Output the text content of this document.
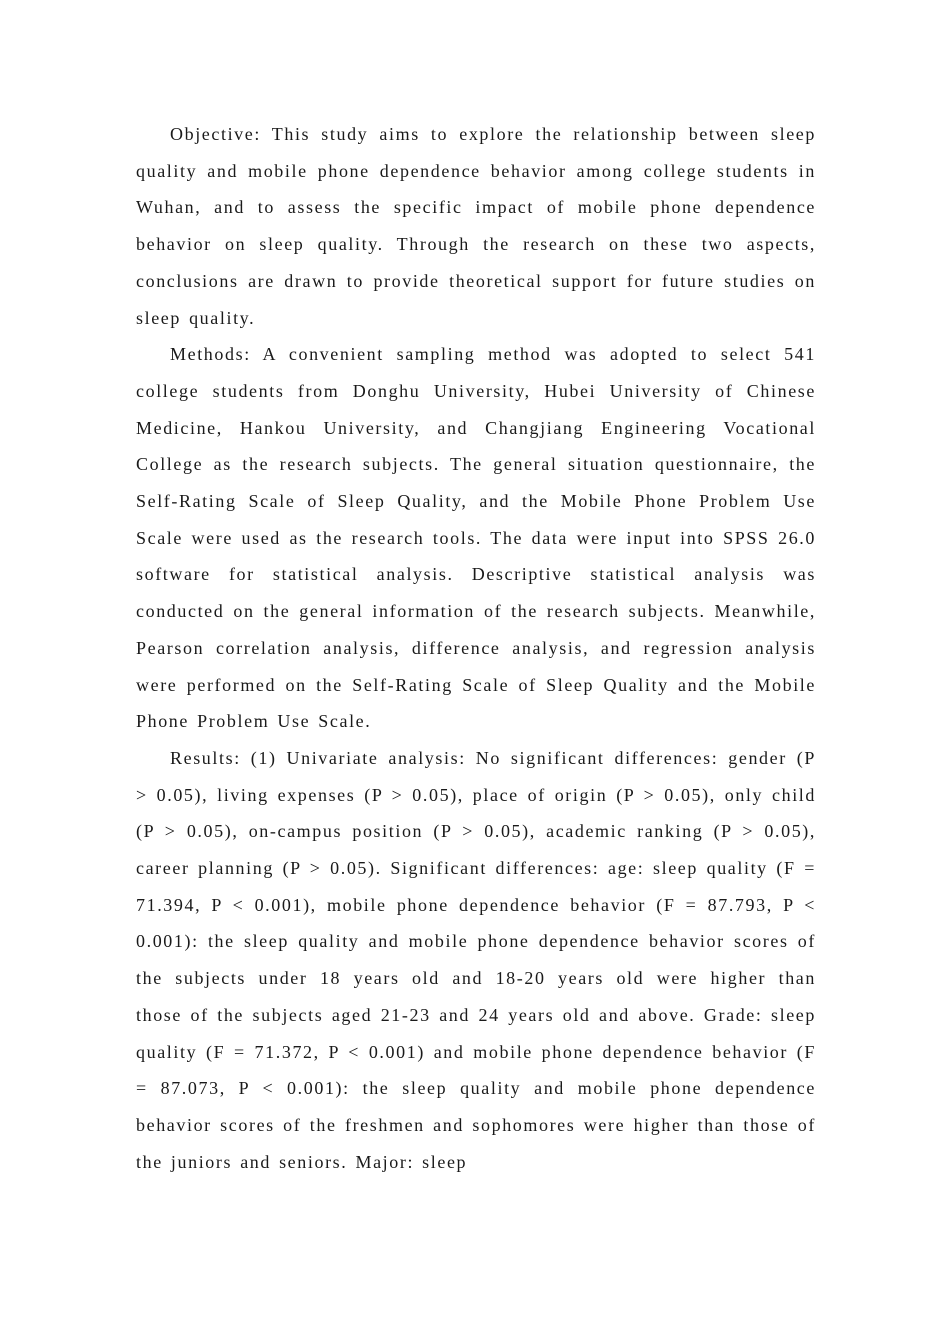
Objective: This study aims to explore the relationship between sleep quality and mobile phone dependence behavior among college students in Wuhan, and to assess the specific impact of mobile phone dependence behavior on sleep quality. Through the research on these two aspects, conclusions are drawn to provide theoretical support for future studies on sleep quality.

Methods: A convenient sampling method was adopted to select 541 college students from Donghu University, Hubei University of Chinese Medicine, Hankou University, and Changjiang Engineering Vocational College as the research subjects. The general situation questionnaire, the Self-Rating Scale of Sleep Quality, and the Mobile Phone Problem Use Scale were used as the research tools. The data were input into SPSS 26.0 software for statistical analysis. Descriptive statistical analysis was conducted on the general information of the research subjects. Meanwhile, Pearson correlation analysis, difference analysis, and regression analysis were performed on the Self-Rating Scale of Sleep Quality and the Mobile Phone Problem Use Scale.

Results: (1) Univariate analysis: No significant differences: gender (P > 0.05), living expenses (P > 0.05), place of origin (P > 0.05), only child (P > 0.05), on-campus position (P > 0.05), academic ranking (P > 0.05), career planning (P > 0.05). Significant differences: age: sleep quality (F = 71.394, P < 0.001), mobile phone dependence behavior (F = 87.793, P < 0.001): the sleep quality and mobile phone dependence behavior scores of the subjects under 18 years old and 18-20 years old were higher than those of the subjects aged 21-23 and 24 years old and above. Grade: sleep quality (F = 71.372, P < 0.001) and mobile phone dependence behavior (F = 87.073, P < 0.001): the sleep quality and mobile phone dependence behavior scores of the freshmen and sophomores were higher than those of the juniors and seniors. Major: sleep
